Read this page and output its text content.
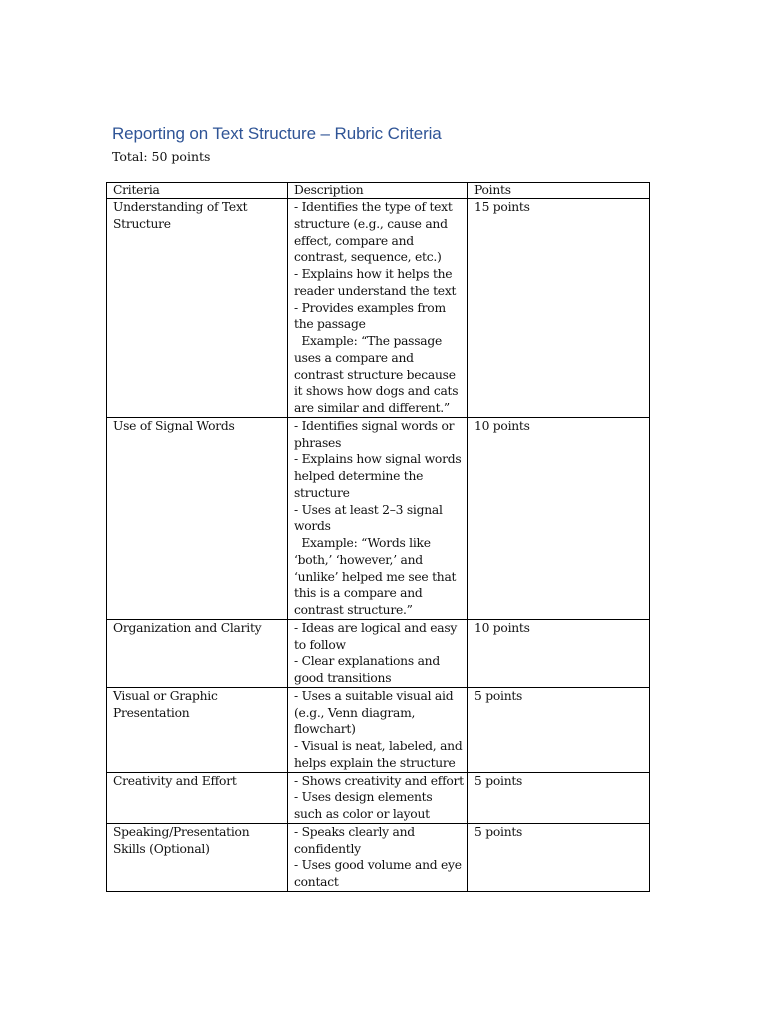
Reporting on Text Structure – Rubric Criteria

Total: 50 points

Criteria	Description	Points
Understanding of Text Structure	- Identifies the type of text structure (e.g., cause and effect, compare and contrast, sequence, etc.)
- Explains how it helps the reader understand the text
- Provides examples from the passage
Example: “The passage uses a compare and contrast structure because it shows how dogs and cats are similar and different.”	15 points
Use of Signal Words	- Identifies signal words or phrases
- Explains how signal words helped determine the structure
- Uses at least 2–3 signal words
Example: “Words like ‘both,’ ‘however,’ and ‘unlike’ helped me see that this is a compare and contrast structure.”	10 points
Organization and Clarity	- Ideas are logical and easy to follow
- Clear explanations and good transitions	10 points
Visual or Graphic Presentation	- Uses a suitable visual aid (e.g., Venn diagram, flowchart)
- Visual is neat, labeled, and helps explain the structure	5 points
Creativity and Effort	- Shows creativity and effort
- Uses design elements such as color or layout	5 points
Speaking/Presentation Skills (Optional)	- Speaks clearly and confidently
- Uses good volume and eye contact	5 points
